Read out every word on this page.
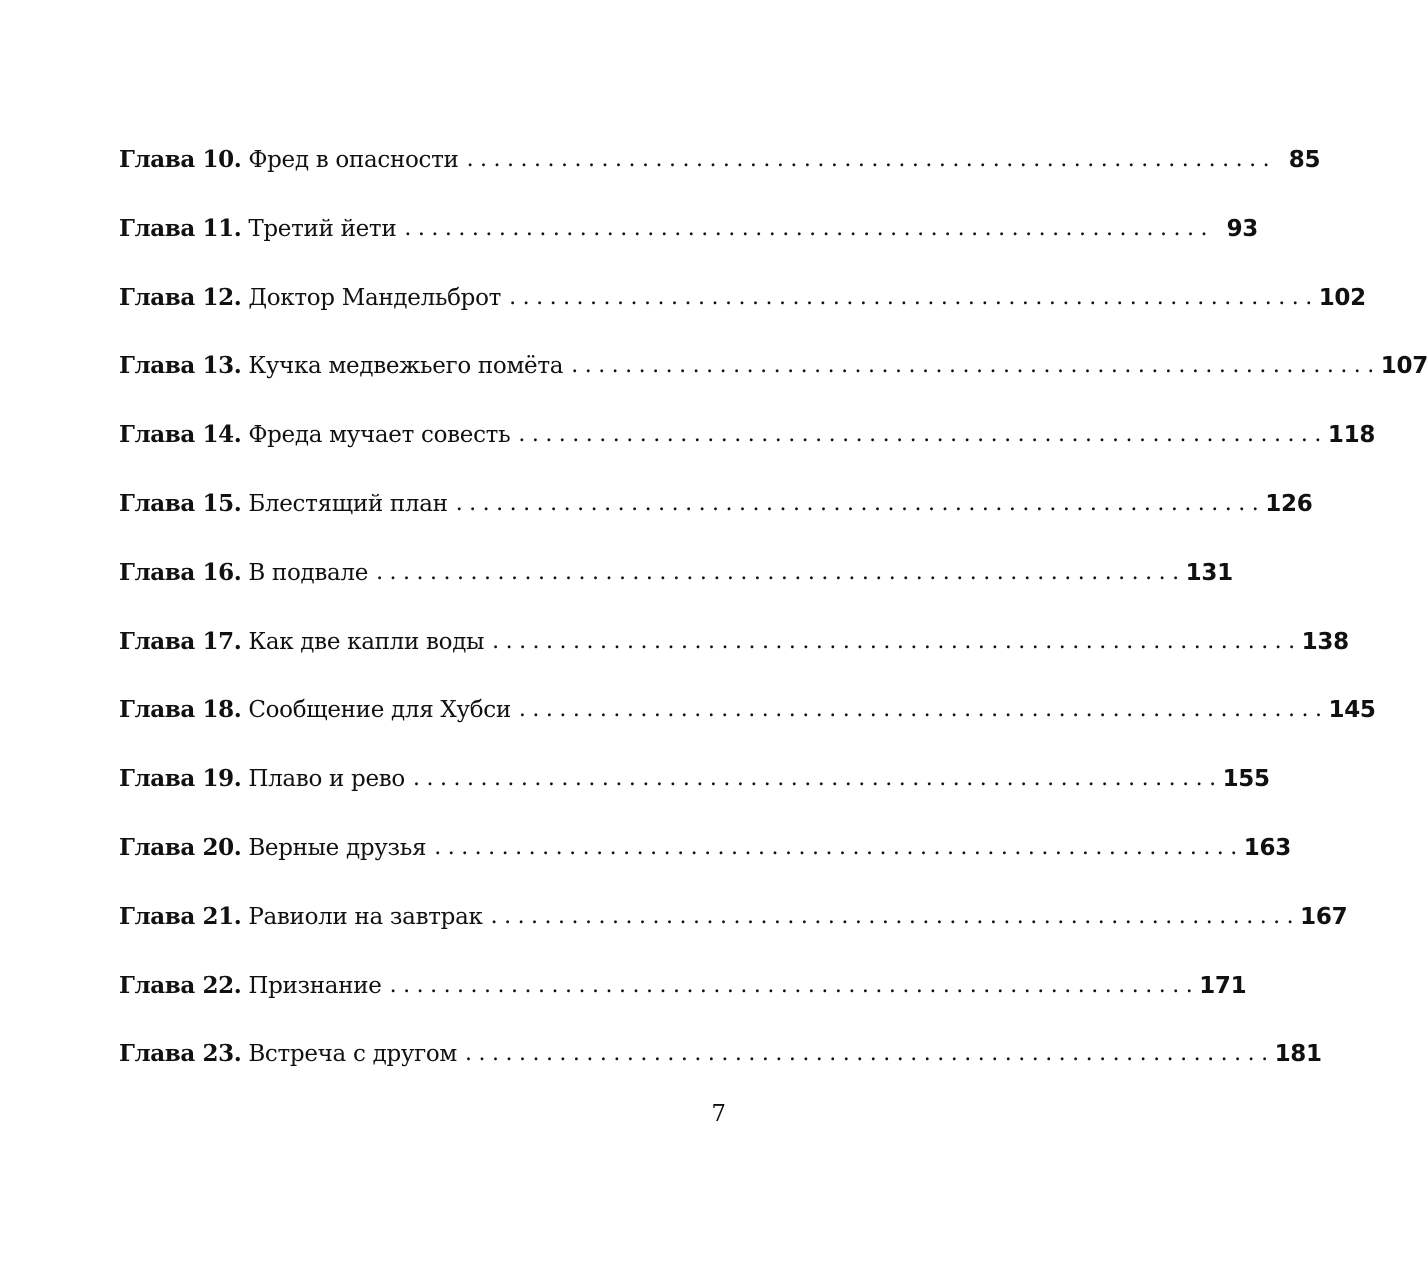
Глава 10. Фред в опасности ............................................................ 85
Глава 11. Третий йети ............................................................ 93
Глава 12. Доктор Мандельброт ............................................................ 102
Глава 13. Кучка медвежьего помёта ............................................................ 107
Глава 14. Фреда мучает совесть ............................................................ 118
Глава 15. Блестящий план ............................................................ 126
Глава 16. В подвале ............................................................ 131
Глава 17. Как две капли воды ............................................................ 138
Глава 18. Сообщение для Хубси ............................................................ 145
Глава 19. Плаво и рево ............................................................ 155
Глава 20. Верные друзья ............................................................ 163
Глава 21. Равиоли на завтрак ............................................................ 167
Глава 22. Признание ............................................................ 171
Глава 23. Встреча с другом ............................................................ 181
7
